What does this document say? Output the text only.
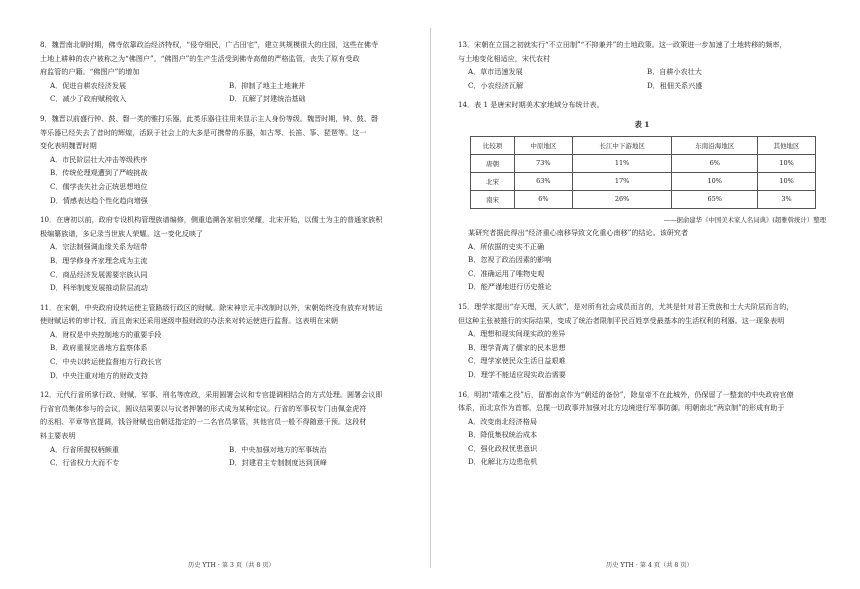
8．魏晋南北朝时期，佛寺依靠政治经济特权，“侵夺细民，广占田宅”，建立其规模很大的庄园，这些在佛寺
土地上耕种的农户被称之为“佛图户”。“佛图户”的生产生活受到佛寺高僧的严格监管，丧失了原有受政
府监管的户籍。“佛图户”的增加
A．促进自耕农经济发展	B．抑制了地主土地兼并
C．减少了政府赋税收入	D．瓦解了封建统治基础
9．魏晋以前盛行钟、鼓、磬一类的雅打乐器，此类乐器往往用来显示主人身份等级。魏晋时期，钟、鼓、磬
等乐器已经失去了昔时的辉煌，活跃于社会上的大多是可携带的乐器，如古琴、长笛、筝、琵琶等。这一
变化表明魏晋时期
A．市民阶层壮大冲击等级秩序
B．传统伦理观遭到了严峻挑战
C．儒学丧失社会正统思想地位
D．情感表达趋个性化趋向增强
10．在唐初以前，政府专设机构管理族谱编修，侧重追溯各家祖宗荣耀，北宋开始，以儒士为主的普通家族积
极编纂族谱，多记录当世族人荣耀。这一变化反映了
A．宗法制强调血缘关系为纽带
B．理学修身齐家理念成为主流
C．商品经济发展需要宗族认同
D．科举制度发展推动阶层流动
11．在宋朝，中央政府设转运使主管路级行政区的财赋。除宋神宗元丰改制时以外，宋朝始终没有放弃对转运
使财赋运转的审计权，而且南宋还采用逐级申报财政的办法来对转运使进行监督。这表明在宋朝
A．财权是中央控制地方的重要手段
B．政府重视完善地方监察体系
C．中央以转运使监督地方行政长官
D．中央注重对地方的财政支持
12．元代行省所掌行政、财赋、军事、刑名等庶政，采用圆署会议和专官提调相结合的方式处理。圆署会议即
行省官员集体参与的会议，圆议结果要以与议者押署的形式成为某种定议。行省的军事权专门由佩金虎符
的丞相、平章等官提调，钱谷财赋也由朝廷指定的一二名官员掌管，其他官员一般不得随意干预。这段材
料主要表明
A．行省所握权柄颇重	B．中央加强对地方的军事统治
C．行省权力大而不专	D．封建君主专制制度达到顶峰
13．宋朝在立国之初就实行“不立田制”“不抑兼并”的土地政策。这一政策进一步加速了土地转移的频率，
与土地变化相适应，宋代农村
A．草市迅速发展	B．自耕小农壮大
C．小农经济瓦解	D．租佃关系兴盛
14．表 1 是唐宋时期美术家地域分布统计表。
表 1
比较项	中原地区	长江中下游地区	东南沿海地区	其他地区
唐朝	73%	11%	6%	10%
北宋	63%	17%	10%	10%
南宋	6%	26%	65%	3%
——据俞建华《中国美术家人名词典》(超雅斡统计）整理
某研究者据此得出“经济重心南移导致文化重心南移”的结论。该研究者
A．所依据的史实不正确
B．忽视了政治因素的影响
C．准确运用了唯物史观
D．能严谨地进行历史推论
15．理学家提出“存天理，灭人欲”，是对所有社会成员而言的，尤其是针对君王贵族和士大夫阶层而言的，
但这种主张被推行的实际结果，变成了统治者限制平民百姓享受最基本的生活权利的利器。这一现象表明
A．理想和现实间现实政的差异
B．理学背离了儒家的民本思想
C．理学家使民众生活日益艰难
D．理学不能适应现实政治需要
16．明初“靖难之役”后，留都南京作为“朝廷的备份”，除皇帝不在此城外，仍保留了一整套的中央政府官僚
体系，而北京作为首都，总揽一切政事并加强对北方边境进行军事防御。明朝南北“两京制”的形成有助于
A．改变南北经济格局
B．降低集权统治成本
C．强化政权忧患意识
D．化解北方边患危机
历史 YTH · 第 3 页（共 8 页）	历史 YTH · 第 4 页（共 8 页）
